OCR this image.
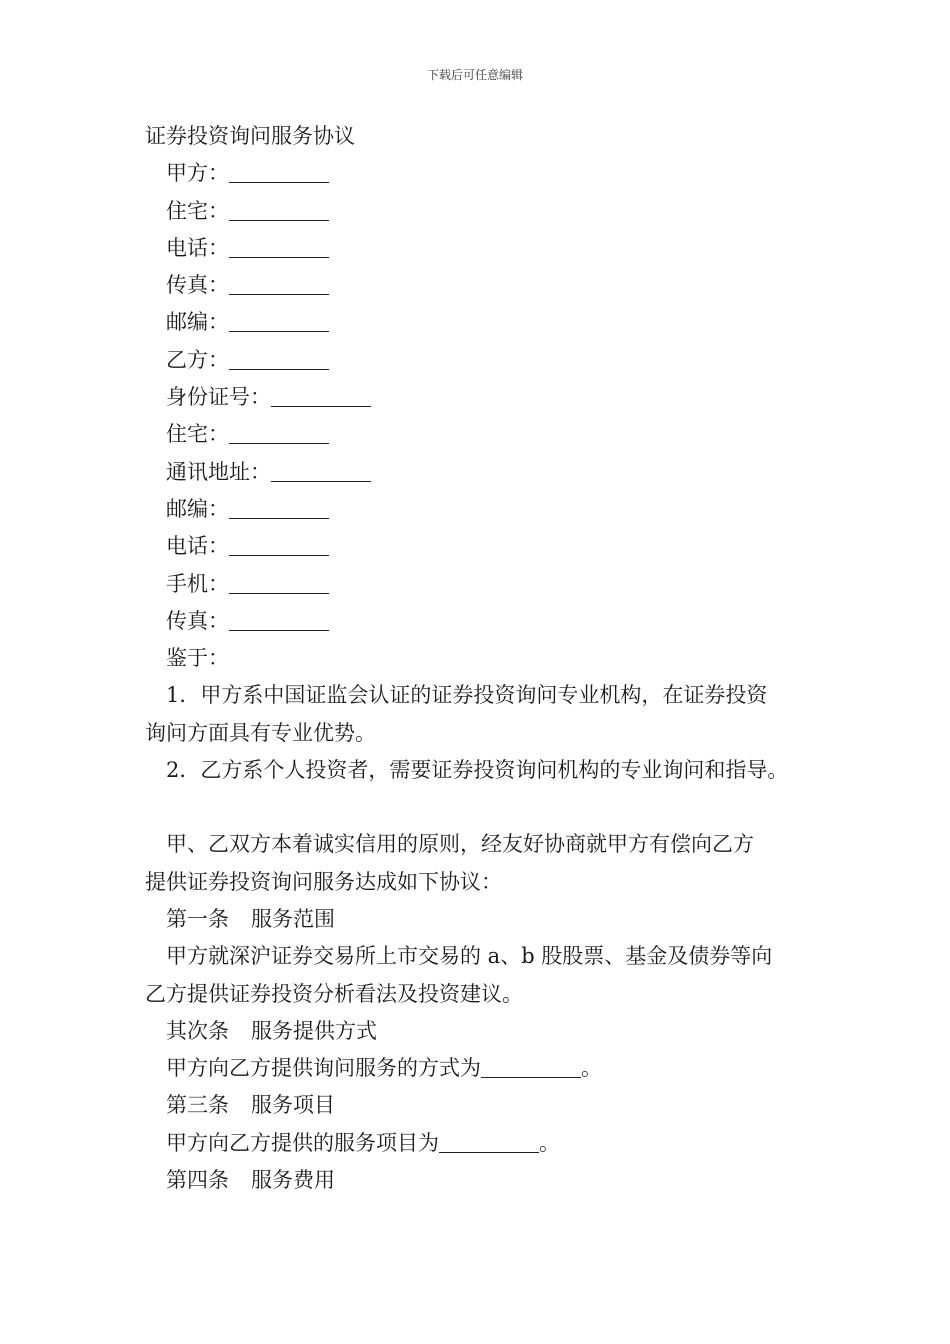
下载后可任意编辑
证券投资询问服务协议
甲方：
住宅：
电话：
传真：
邮编：
乙方：
身份证号：
住宅：
通讯地址：
邮编：
电话：
手机：
传真：
鉴于：
1．甲方系中国证监会认证的证券投资询问专业机构，在证券投资
询问方面具有专业优势。
2．乙方系个人投资者，需要证券投资询问机构的专业询问和指导。
甲、乙双方本着诚实信用的原则，经友好协商就甲方有偿向乙方
提供证券投资询问服务达成如下协议：
第一条 服务范围
甲方就深沪证券交易所上市交易的 a、b 股股票、基金及债券等向
乙方提供证券投资分析看法及投资建议。
其次条 服务提供方式
甲方向乙方提供询问服务的方式为	。
第三条 服务项目
甲方向乙方提供的服务项目为	。
第四条 服务费用
